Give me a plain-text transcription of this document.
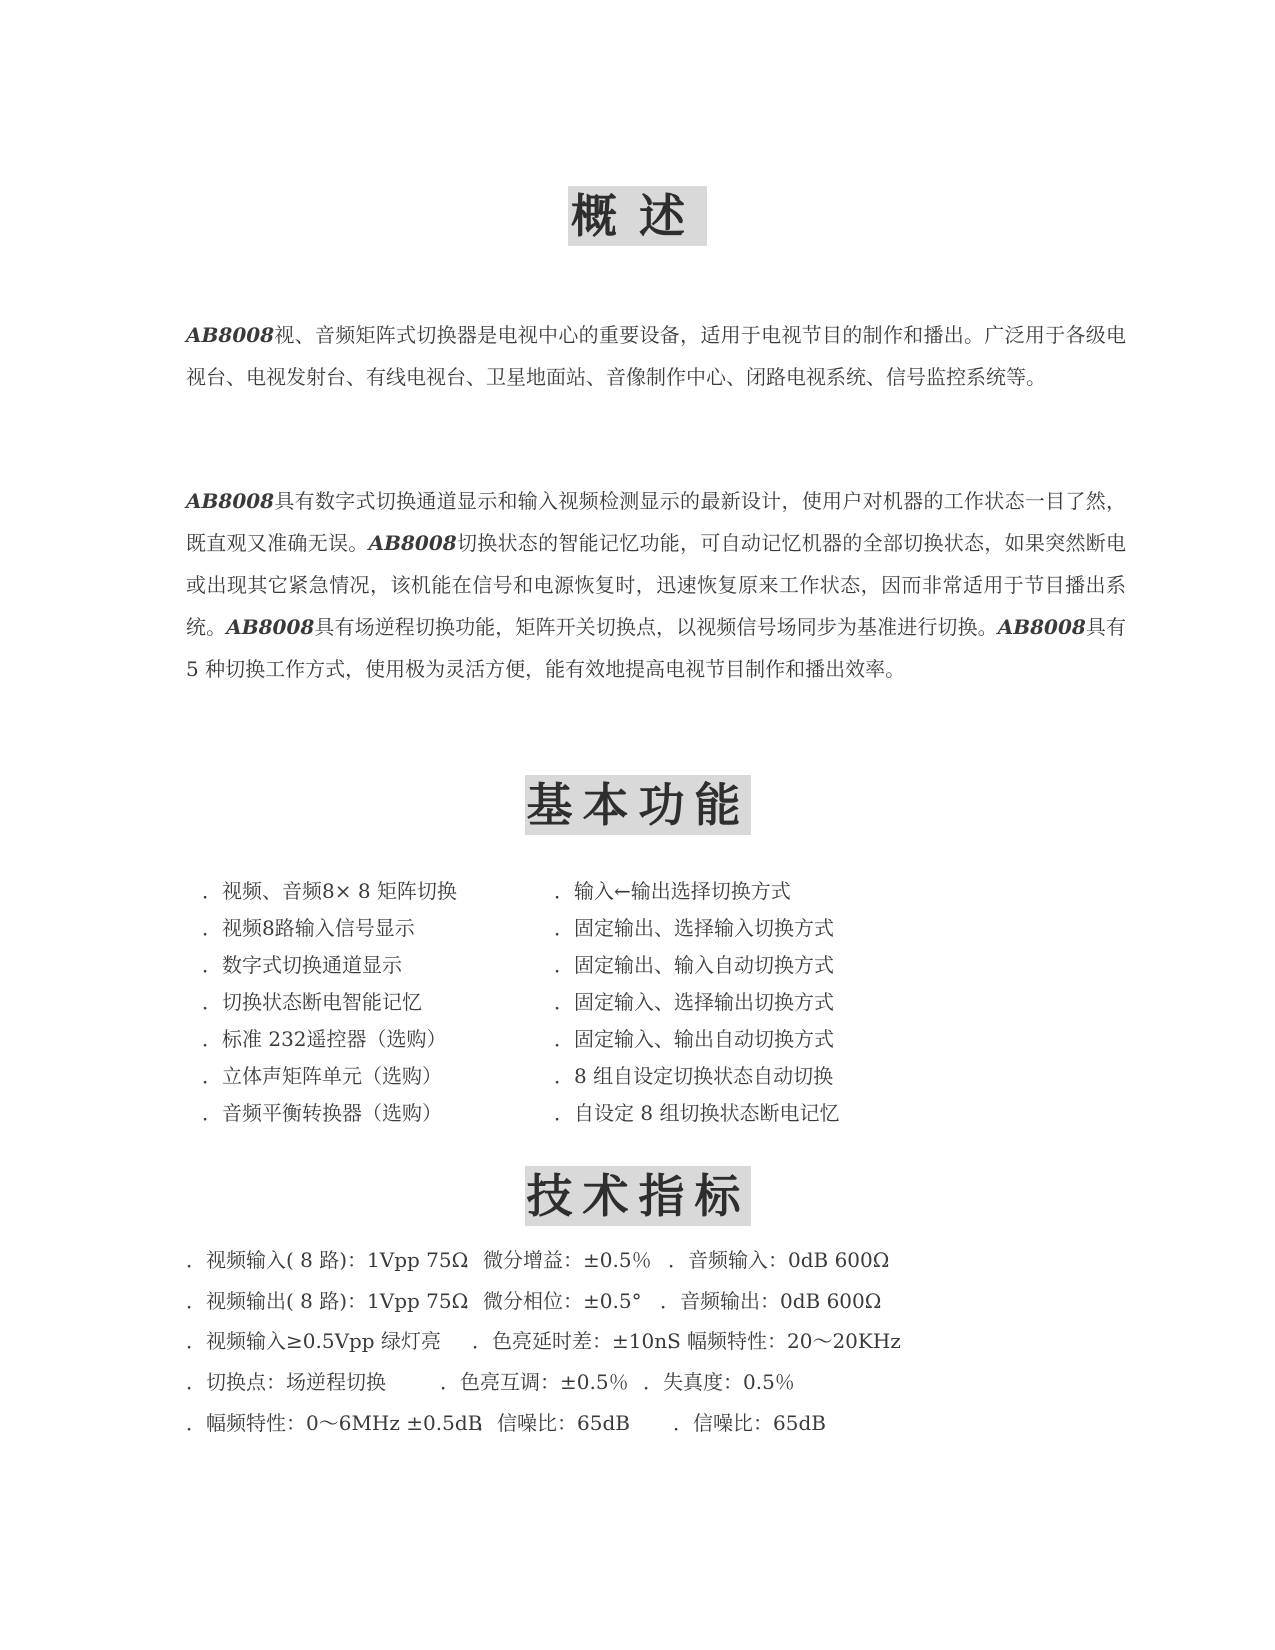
概述
AB8008视、音频矩阵式切换器是电视中心的重要设备，适用于电视节目的制作和播出。广泛用于各级电视台、电视发射台、有线电视台、卫星地面站、音像制作中心、闭路电视系统、信号监控系统等。
AB8008具有数字式切换通道显示和输入视频检测显示的最新设计，使用户对机器的工作状态一目了然，既直观又准确无误。AB8008切换状态的智能记忆功能，可自动记忆机器的全部切换状态，如果突然断电或出现其它紧急情况，该机能在信号和电源恢复时，迅速恢复原来工作状态，因而非常适用于节目播出系统。AB8008具有场逆程切换功能，矩阵开关切换点，以视频信号场同步为基准进行切换。AB8008具有 5 种切换工作方式，使用极为灵活方便，能有效地提高电视节目制作和播出效率。
基本功能
．视频、音频8× 8 矩阵切换
．视频8路输入信号显示
．数字式切换通道显示
．切换状态断电智能记忆
．标准 232遥控器（选购）
．立体声矩阵单元（选购）
．音频平衡转换器（选购）
．输入←输出选择切换方式
．固定输出、选择输入切换方式
．固定输出、输入自动切换方式
．固定输入、选择输出切换方式
．固定输入、输出自动切换方式
．8 组自设定切换状态自动切换
．自设定 8 组切换状态断电记忆
技术指标
．视频输入( 8 路)：1Vpp 75Ω
．微分增益：±0.5％ ．音频输入：0dB 600Ω
．视频输出( 8 路)：1Vpp 75Ω
．微分相位：±0.5° ．音频输出：0dB 600Ω
．视频输入≥0.5Vpp 绿灯亮 ．色亮延时差：±10nS
．幅频特性：20～20KHz
．切换点：场逆程切换	．色亮互调：±0.5％ ．失真度：0.5％
．幅频特性：0～6MHz ±0.5dB
．信噪比：65dB ．信噪比：65dB
